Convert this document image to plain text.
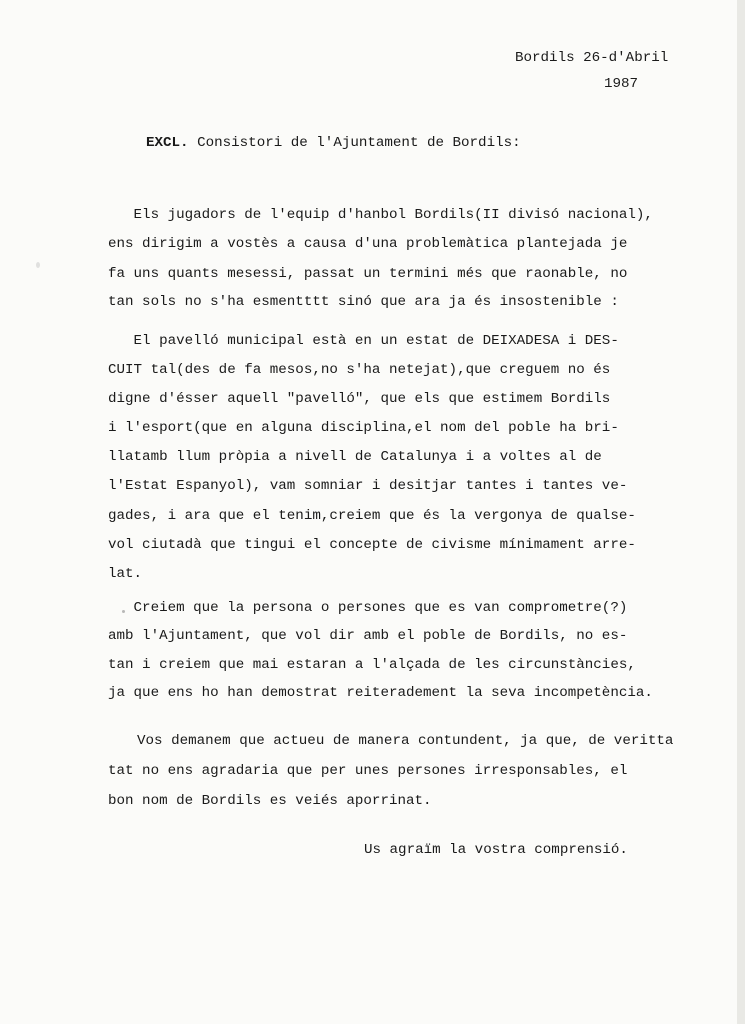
Bordils 26-d'Abril
1987
EXCL. Consistori de l'Ajuntament de Bordils:
Els jugadors de l'equip d'hanbol Bordils(II divisó nacional),
ens dirigim a vostès a causa d'una problemàtica plantejada je
fa uns quants mesessi, passat un termini més que raonable, no
tan sols no s'ha esmentttt sinó que ara ja és insostenible :
El pavelló municipal està en un estat de DEIXADESA i DES-
CUIT tal(des de fa mesos,no s'ha netejat),que creguem no és
digne d'ésser aquell "pavelló", que els que estimem Bordils
i l'esport(que en alguna disciplina,el nom del poble ha bri-
llatamb llum pròpia a nivell de Catalunya i a voltes al de
l'Estat Espanyol), vam somniar i desitjar tantes i tantes ve-
gades, i ara que el tenim,creiem que és la vergonya de qualse-
vol ciutadà que tingui el concepte de civisme mínimament arre-
lat.
Creiem que la persona o persones que es van comprometre(?)
amb l'Ajuntament, que vol dir amb el poble de Bordils, no es-
tan i creiem que mai estaran a l'alçada de les circunstàncies,
ja que ens ho han demostrat reiteradement la seva incompetència.
Vos demanem que actueu de manera contundent, ja que, de veritta
tat no ens agradaria que per unes persones irresponsables, el
bon nom de Bordils es veiés aporrinat.
Us agraïm la vostra comprensió.
